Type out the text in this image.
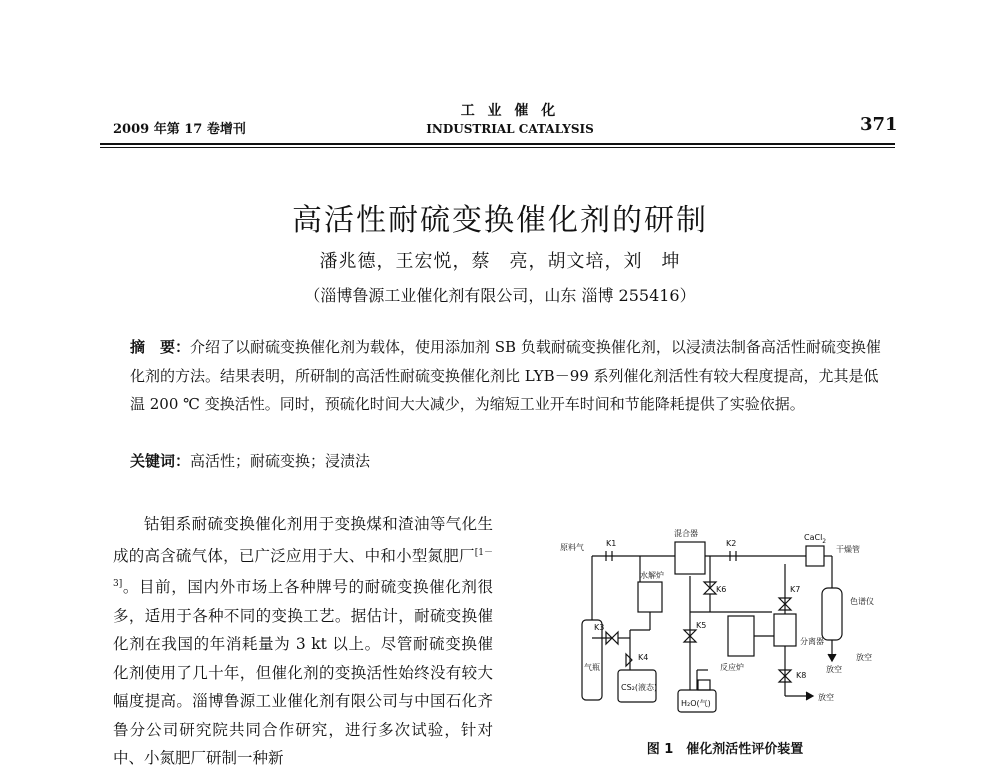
2009 年第 17 卷增刊
工 业 催 化
INDUSTRIAL CATALYSIS	371
高活性耐硫变换催化剂的研制
潘兆德，王宏悦，蔡　亮，胡文培，刘　坤
（淄博鲁源工业催化剂有限公司，山东 淄博 255416）
摘　要：介绍了以耐硫变换催化剂为载体，使用添加剂 SB 负载耐硫变换催化剂，以浸渍法制备高活性耐硫变换催化剂的方法。结果表明，所研制的高活性耐硫变换催化剂比 LYB－99 系列催化剂活性有较大程度提高，尤其是低温 200 ℃ 变换活性。同时，预硫化时间大大减少，为缩短工业开车时间和节能降耗提供了实验依据。
关键词：高活性；耐硫变换；浸渍法
钴钼系耐硫变换催化剂用于变换煤和渣油等气化生成的高含硫气体，已广泛应用于大、中和小型氮肥厂[1－3]。目前，国内外市场上各种牌号的耐硫变换催化剂很多，适用于各种不同的变换工艺。据估计，耐硫变换催化剂在我国的年消耗量为 3 kt 以上。尽管耐硫变换催化剂使用了几十年，但催化剂的变换活性始终没有较大幅度提高。淄博鲁源工业催化剂有限公司与中国石化齐鲁分公司研究院共同合作研究，进行多次试验，针对中、小氮肥厂研制一种新
原料气	K1
混合器
K2
CaCl$_2$
干燥管
水解炉
K6	K7
色谱仪
K3
K4
K5
反应炉
分离器
K8
放空
放空
气瓶
CS₂(液态)
H₂O(气)
放空
图 1　催化剂活性评价装置
